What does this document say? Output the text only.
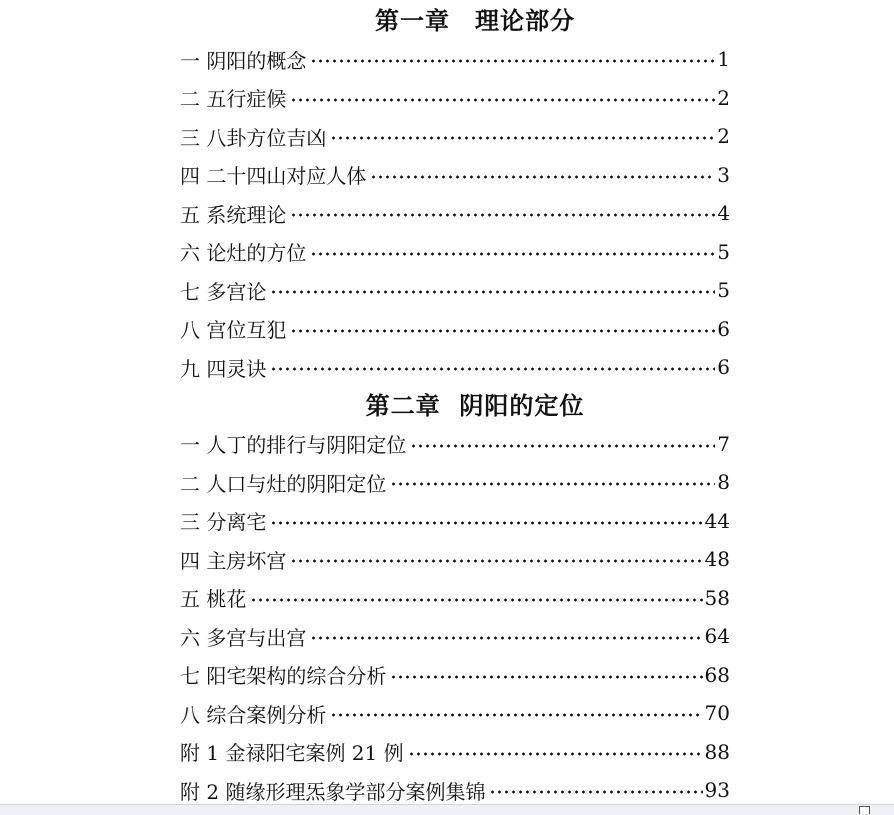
第一章　理论部分
一 阴阳的概念	1
二 五行症候	2
三 八卦方位吉凶	2
四 二十四山对应人体	3
五 系统理论	4
六 论灶的方位	5
七 多宫论	5
八 宫位互犯	6
九 四灵诀	6
第二章  阴阳的定位
一 人丁的排行与阴阳定位	7
二 人口与灶的阴阳定位	8
三 分离宅	44
四 主房坏宫	48
五 桃花	58
六 多宫与出宫	64
七 阳宅架构的综合分析	68
八 综合案例分析	70
附 1 金禄阳宅案例 21 例	88
附 2 随缘形理炁象学部分案例集锦	93
